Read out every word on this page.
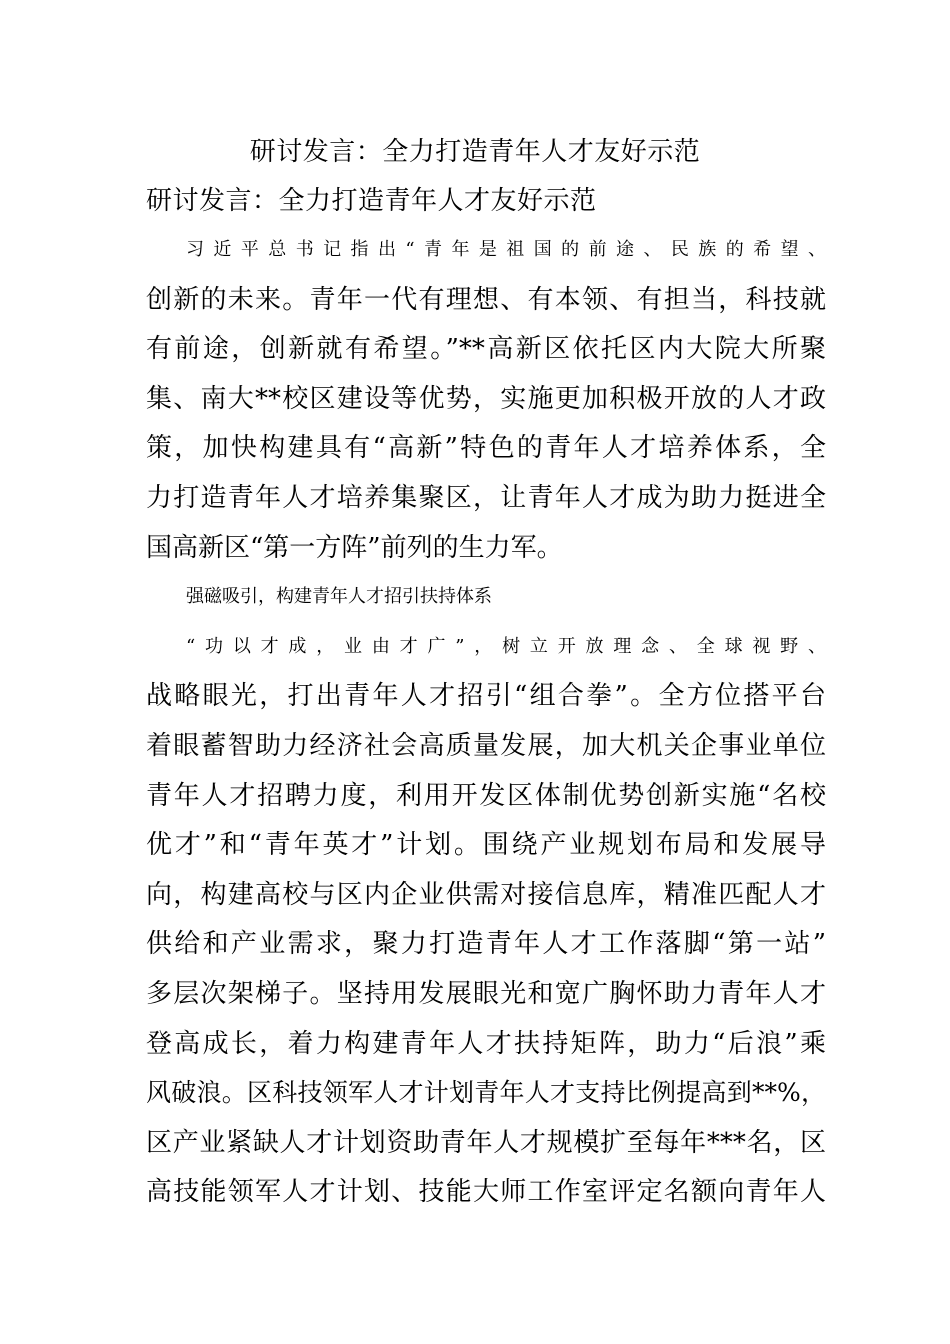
研讨发言：全力打造青年人才友好示范
研讨发言：全力打造青年人才友好示范
习近平总书记指出“青年是祖国的前途、民族的希望、
创新的未来。青年一代有理想、有本领、有担当，科技就
有前途，创新就有希望。”**高新区依托区内大院大所聚
集、南大**校区建设等优势，实施更加积极开放的人才政
策，加快构建具有“高新”特色的青年人才培养体系，全
力打造青年人才培养集聚区，让青年人才成为助力挺进全
国高新区“第一方阵”前列的生力军。
强磁吸引，构建青年人才招引扶持体系
“功以才成，业由才广”，树立开放理念、全球视野、
战略眼光，打出青年人才招引“组合拳”。全方位搭平台
着眼蓄智助力经济社会高质量发展，加大机关企事业单位
青年人才招聘力度，利用开发区体制优势创新实施“名校
优才”和“青年英才”计划。围绕产业规划布局和发展导
向，构建高校与区内企业供需对接信息库，精准匹配人才
供给和产业需求，聚力打造青年人才工作落脚“第一站”
多层次架梯子。坚持用发展眼光和宽广胸怀助力青年人才
登高成长，着力构建青年人才扶持矩阵，助力“后浪”乘
风破浪。区科技领军人才计划青年人才支持比例提高到**%，
区产业紧缺人才计划资助青年人才规模扩至每年***名，区
高技能领军人才计划、技能大师工作室评定名额向青年人
